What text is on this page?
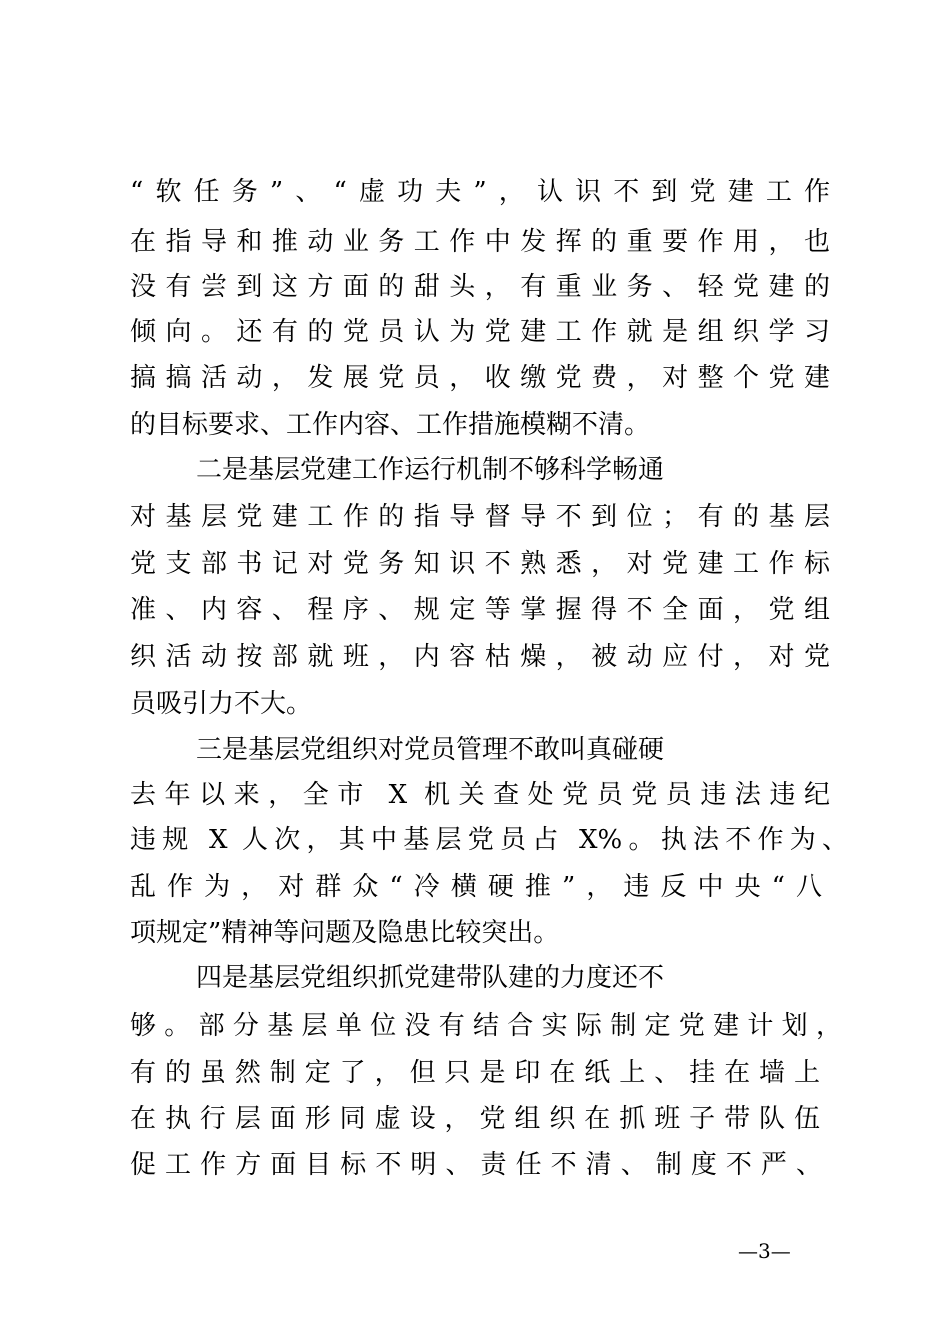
“软任务”、“虚功夫”，认识不到党建工作
在指导和推动业务工作中发挥的重要作用，也
没有尝到这方面的甜头，有重业务、轻党建的
倾向。还有的党员认为党建工作就是组织学习
搞搞活动，发展党员，收缴党费，对整个党建
的目标要求、工作内容、工作措施模糊不清。
二是基层党建工作运行机制不够科学畅通
对基层党建工作的指导督导不到位；有的基层
党支部书记对党务知识不熟悉，对党建工作标
准、内容、程序、规定等掌握得不全面，党组
织活动按部就班，内容枯燥，被动应付，对党
员吸引力不大。
三是基层党组织对党员管理不敢叫真碰硬
去年以来，全市 X 机关查处党员党员违法违纪
违规 X 人次，其中基层党员占 X%。执法不作为、
乱作为，对群众“冷横硬推”，违反中央“八
项规定”精神等问题及隐患比较突出。
四是基层党组织抓党建带队建的力度还不
够。部分基层单位没有结合实际制定党建计划，
有的虽然制定了，但只是印在纸上、挂在墙上
在执行层面形同虚设，党组织在抓班子带队伍
促工作方面目标不明、责任不清、制度不严、
—3—
